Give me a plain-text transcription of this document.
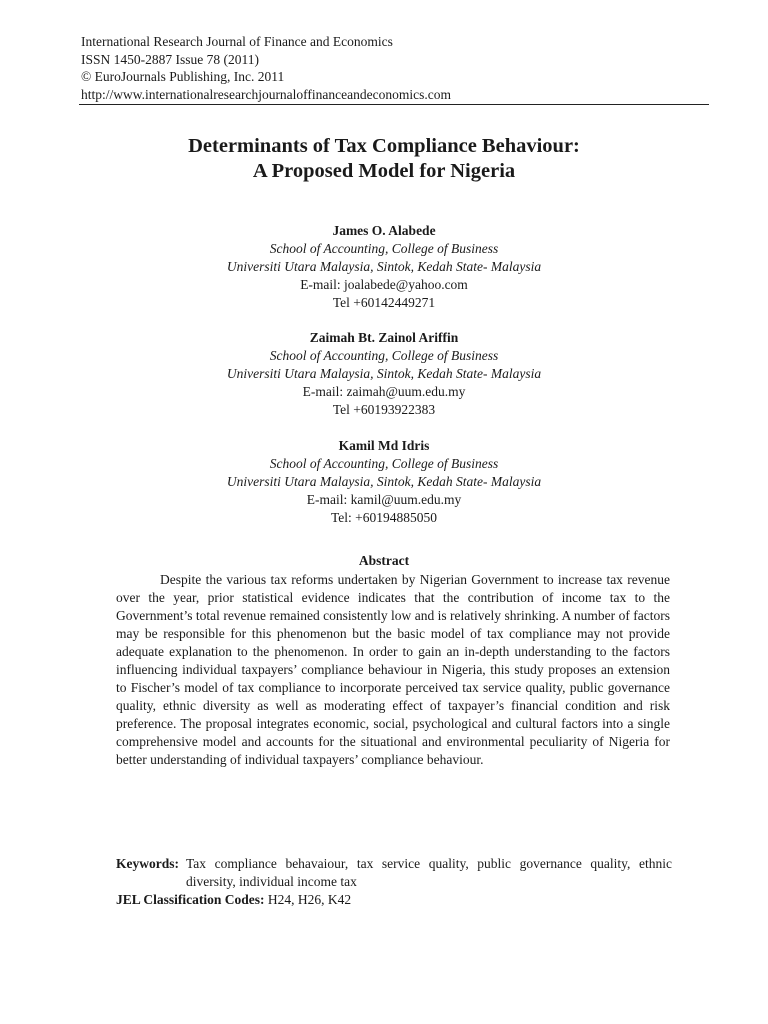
International Research Journal of Finance and Economics
ISSN 1450-2887 Issue 78 (2011)
© EuroJournals Publishing, Inc. 2011
http://www.internationalresearchjournaloffinanceandeconomics.com
Determinants of Tax Compliance Behaviour:
A Proposed Model for Nigeria
James O. Alabede
School of Accounting, College of Business
Universiti Utara Malaysia, Sintok, Kedah State- Malaysia
E-mail: joalabede@yahoo.com
Tel +60142449271
Zaimah Bt. Zainol Ariffin
School of Accounting, College of Business
Universiti Utara Malaysia, Sintok, Kedah State- Malaysia
E-mail: zaimah@uum.edu.my
Tel +60193922383
Kamil Md Idris
School of Accounting, College of Business
Universiti Utara Malaysia, Sintok, Kedah State- Malaysia
E-mail: kamil@uum.edu.my
Tel: +60194885050
Abstract

Despite the various tax reforms undertaken by Nigerian Government to increase tax revenue over the year, prior statistical evidence indicates that the contribution of income tax to the Government’s total revenue remained consistently low and is relatively shrinking. A number of factors may be responsible for this phenomenon but the basic model of tax compliance may not provide adequate explanation to the phenomenon. In order to gain an in-depth understanding to the factors influencing individual taxpayers’ compliance behaviour in Nigeria, this study proposes an extension to Fischer’s model of tax compliance to incorporate perceived tax service quality, public governance quality, ethnic diversity as well as moderating effect of taxpayer’s financial condition and risk preference. The proposal integrates economic, social, psychological and cultural factors into a single comprehensive model and accounts for the situational and environmental peculiarity of Nigeria for better understanding of individual taxpayers’ compliance behaviour.

Keywords: Tax compliance behavaiour, tax service quality, public governance quality, ethnic diversity, individual income tax
JEL Classification Codes: H24, H26, K42
